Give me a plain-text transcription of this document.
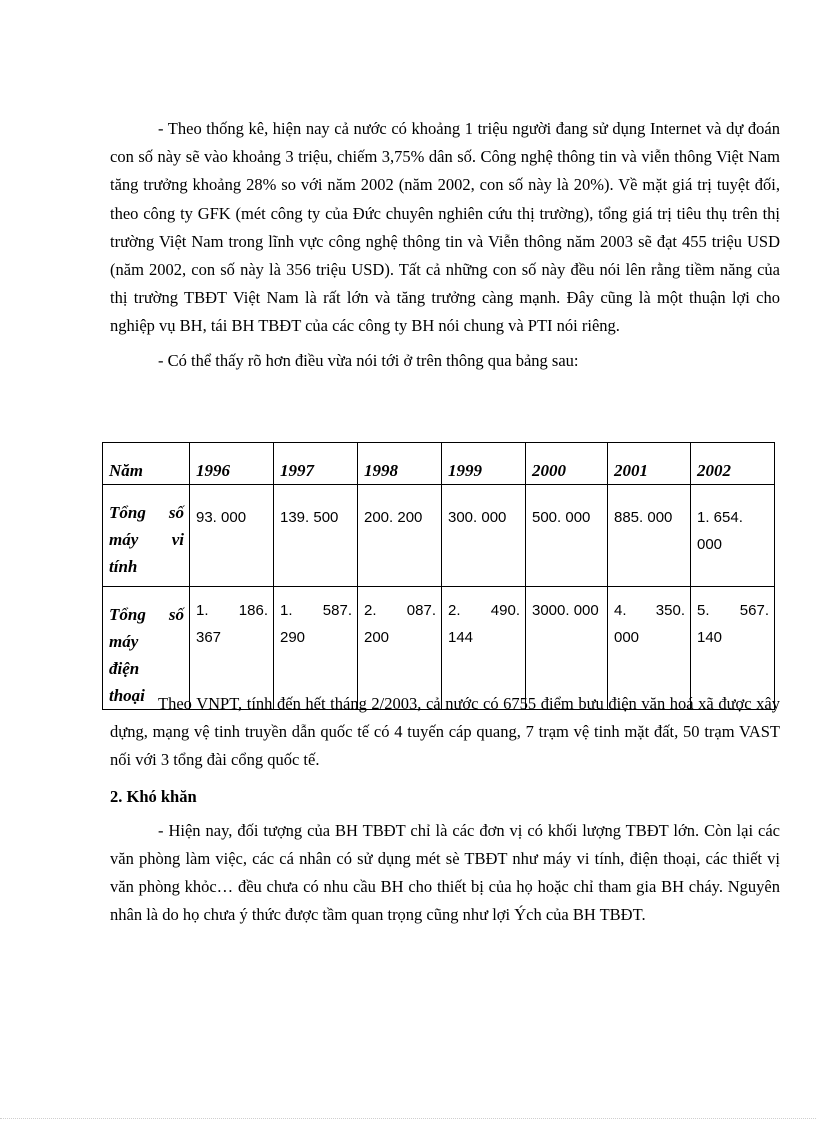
- Theo thống kê, hiện nay cả nước có khoảng 1 triệu người đang sử dụng Internet và dự đoán con số này sẽ vào khoảng 3 triệu, chiếm 3,75% dân số. Công nghệ thông tin và viễn thông Việt Nam tăng trưởng khoảng 28% so với năm 2002 (năm 2002, con số này là 20%). Về mặt giá trị tuyệt đối, theo công ty GFK (mét công ty của Đức chuyên nghiên cứu thị trường), tổng giá trị tiêu thụ trên thị trường Việt Nam trong lĩnh vực công nghệ thông tin và Viễn thông năm 2003 sẽ đạt 455 triệu USD (năm 2002, con số này là 356 triệu USD). Tất cả những con số này đều nói lên rằng tiềm năng của thị trường TBĐT Việt Nam là rất lớn và tăng trưởng càng mạnh. Đây cũng là một thuận lợi cho nghiệp vụ BH, tái BH TBĐT của các công ty BH nói chung và PTI nói riêng.

- Có thể thấy rõ hơn điều vừa nói tới ở trên thông qua bảng sau:

Năm	1996	1997	1998	1999	2000	2001	2002
Tổng số máy vi tính	93. 000	139. 500	200. 200	300. 000	500. 000	885. 000	1. 654. 000
Tổng số máy điện thoại	1. 186. 367	1. 587. 290	2. 087. 200	2. 490. 144	3000. 000	4. 350. 000	5. 567. 140

Theo VNPT, tính đến hết tháng 2/2003, cả nước có 6755 điểm bưu điện văn hoá xã được xây dựng, mạng vệ tinh truyền dẫn quốc tế có 4 tuyến cáp quang, 7 trạm vệ tinh mặt đất, 50 trạm VAST nối với 3 tổng đài cổng quốc tế.

2. Khó khăn

- Hiện nay, đối tượng của BH TBĐT chỉ là các đơn vị có khối lượng TBĐT lớn. Còn lại các văn phòng làm việc, các cá nhân có sử dụng mét sè TBĐT như máy vi tính, điện thoại, các thiết vị văn phòng khỏc… đều chưa có nhu cầu BH cho thiết bị của họ hoặc chỉ tham gia BH cháy. Nguyên nhân là do họ chưa ý thức được tầm quan trọng cũng như lợi Ých của BH TBĐT.
